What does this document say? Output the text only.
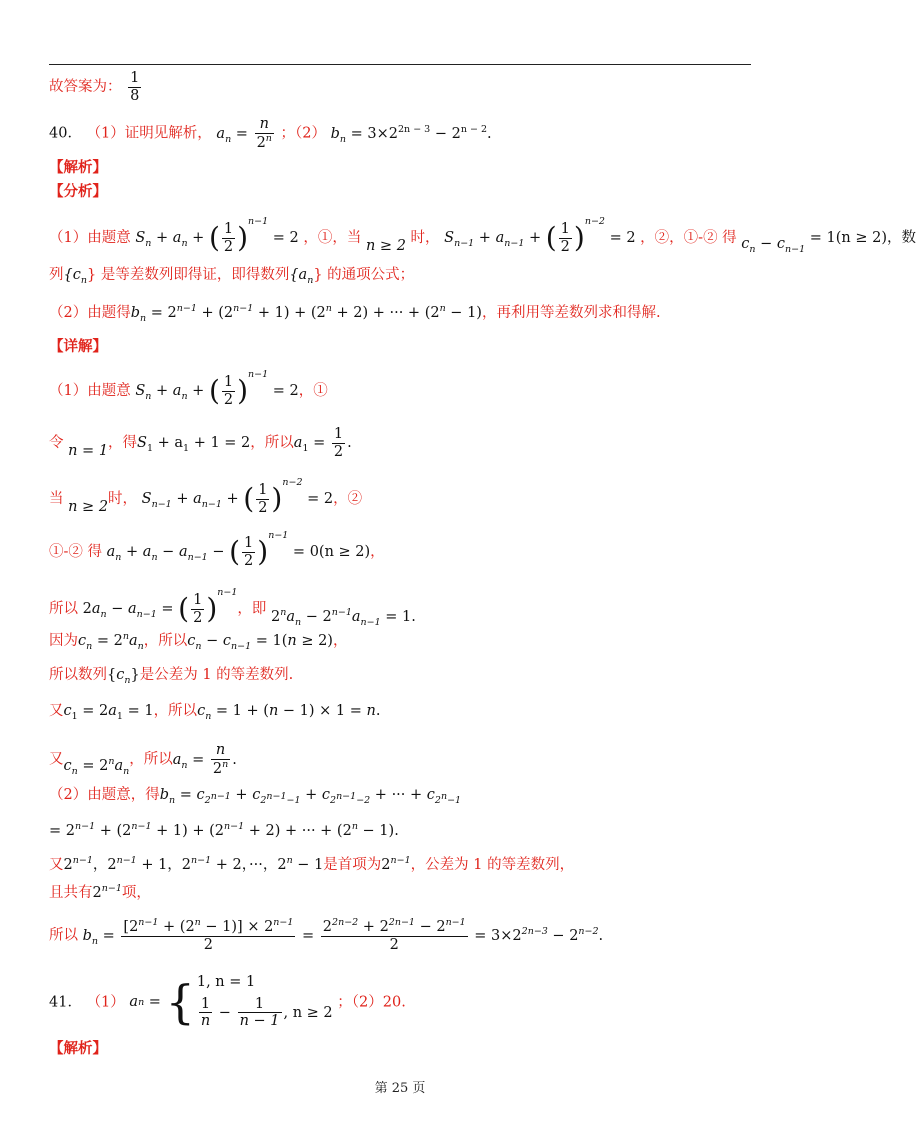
故答案为： $\frac{1}{8}$
40． （1）证明见解析， $a_n = \frac{n}{2^n}$ ；（2） $b_n = 3\times 2^{2n - 3} - 2^{n - 2}$.
【解析】
【分析】
（1）由题意 $S_n + a_n$ + ( $\frac{1}{2} )^{n-1} = 2$ ，①，当 n ≥ 2 时， $S_{n-1} + a_{n-1}$ + ( $\frac{1}{2} )^{n-2} = 2$ ，②，①-② 得 $c_n - c_{n-1} = 1(n \ge 2)$，数
列$\{c_n\}$ 是等差数列即得证，即得数列$\{a_n\}$ 的通项公式；
（2）由题得$b_n = 2^{n-1} + (2^{n-1} + 1) + (2^n + 2)$ + ··· + $(2^n - 1)$，再利用等差数列求和得解.
【详解】
（1）由题意 $S_n + a_n$ + ( $\frac{1}{2} )^{n-1} = 2$，①
令 n = 1，得$S_1 + a_1 + 1 = 2$，所以$a_1 = \frac{1}{2}$ .
当 n ≥ 2时， $S_{n-1} + a_{n-1}$ + ( $\frac{1}{2} )^{n-2} = 2$，②
①-② 得 $a_n + a_n - a_{n-1}$ − ( $\frac{1}{2} )^{n-1} = 0(n \ge 2)$，
所以 $2a_n - a_{n-1}$ = ( $\frac{1}{2} )^{n-1}$，即 $2^na_n - 2^{n-1}a_{n-1} = 1$.
因为$c_n = 2^na_n$，所以$c_n - c_{n-1} = 1(n \ge 2)$，
所以数列$\{c_n\}$是公差为 1 的等差数列.
又$c_1 = 2a_1 = 1$，所以$c_n = 1 + (n - 1) \times 1 = n$.
又$c_n = 2^na_n$，所以$a_n = \frac{n}{2^n}$ .
（2）由题意，得$b_n = c_{2^{n-1}} + c_{2^{n-1}-1} + c_{2^{n-1}-2}$ + ··· + $c_{2^n-1}$
= $2^{n-1} + (2^{n-1} + 1) + (2^{n-1} + 2)$ + ··· + $(2^n - 1)$.
又$2^{n-1}$，$2^{n-1} + 1$，$2^{n-1} + 2$，···，$2^n - 1$是首项为$2^{n-1}$，公差为 1 的等差数列，
且共有$2^{n-1}$项，
所以 $b_n = \frac{[2^{n-1} + (2^n - 1)] \times 2^{n-1}}{2} = \frac{2^{2n-2} + 2^{2n-1} - 2^{n-1}}{2} = 3\times 2^{2n-3} - 2^{n-2}$.
41． （1） a n = { 1, n = 1
$\frac{1}{n} - \frac{1}{n - 1}$ , n ≥ 2
；（2）20.
【解析】
第 25 页
